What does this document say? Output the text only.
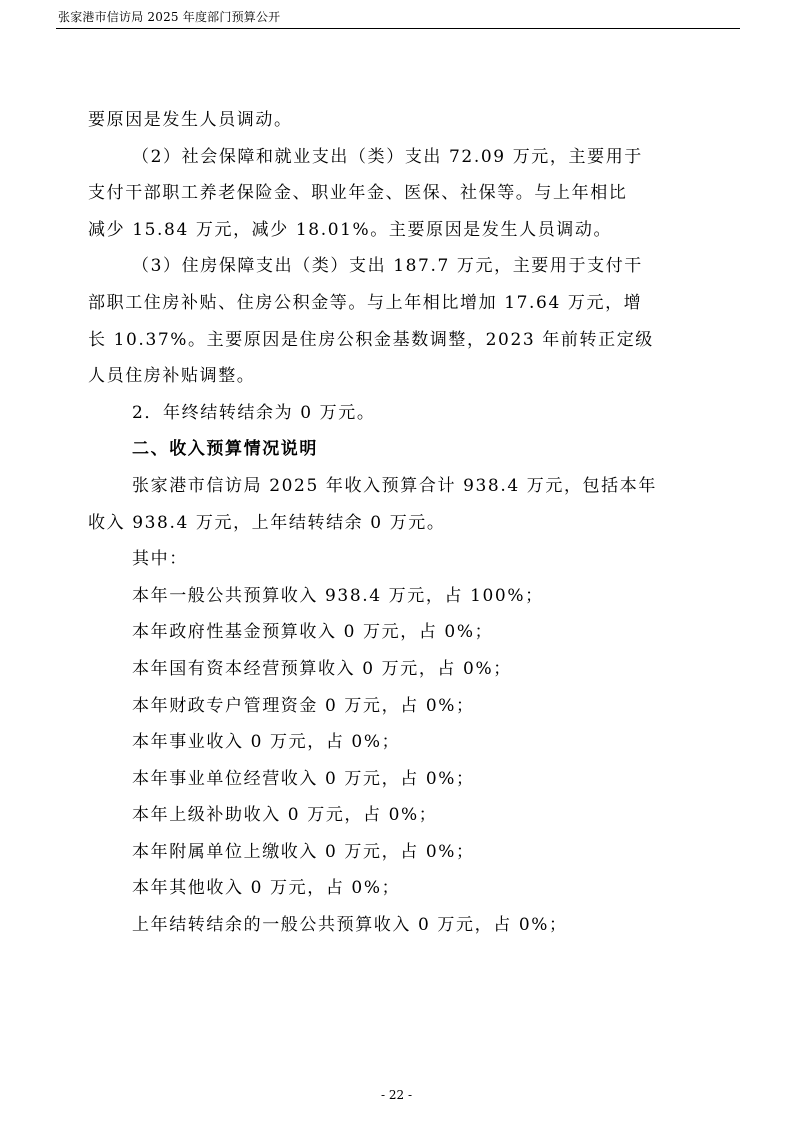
张家港市信访局 2025 年度部门预算公开
要原因是发生人员调动。
（2）社会保障和就业支出（类）支出 72.09 万元，主要用于
支付干部职工养老保险金、职业年金、医保、社保等。与上年相比
减少 15.84 万元，减少 18.01%。主要原因是发生人员调动。
（3）住房保障支出（类）支出 187.7 万元，主要用于支付干
部职工住房补贴、住房公积金等。与上年相比增加 17.64 万元，增
长 10.37%。主要原因是住房公积金基数调整，2023 年前转正定级
人员住房补贴调整。
2．年终结转结余为 0 万元。
二、收入预算情况说明
张家港市信访局 2025 年收入预算合计 938.4 万元，包括本年
收入 938.4 万元，上年结转结余 0 万元。
其中：
本年一般公共预算收入 938.4 万元，占 100%；
本年政府性基金预算收入 0 万元，占 0%；
本年国有资本经营预算收入 0 万元，占 0%；
本年财政专户管理资金 0 万元，占 0%；
本年事业收入 0 万元，占 0%；
本年事业单位经营收入 0 万元，占 0%；
本年上级补助收入 0 万元，占 0%；
本年附属单位上缴收入 0 万元，占 0%；
本年其他收入 0 万元，占 0%；
上年结转结余的一般公共预算收入 0 万元，占 0%；
- 22 -
